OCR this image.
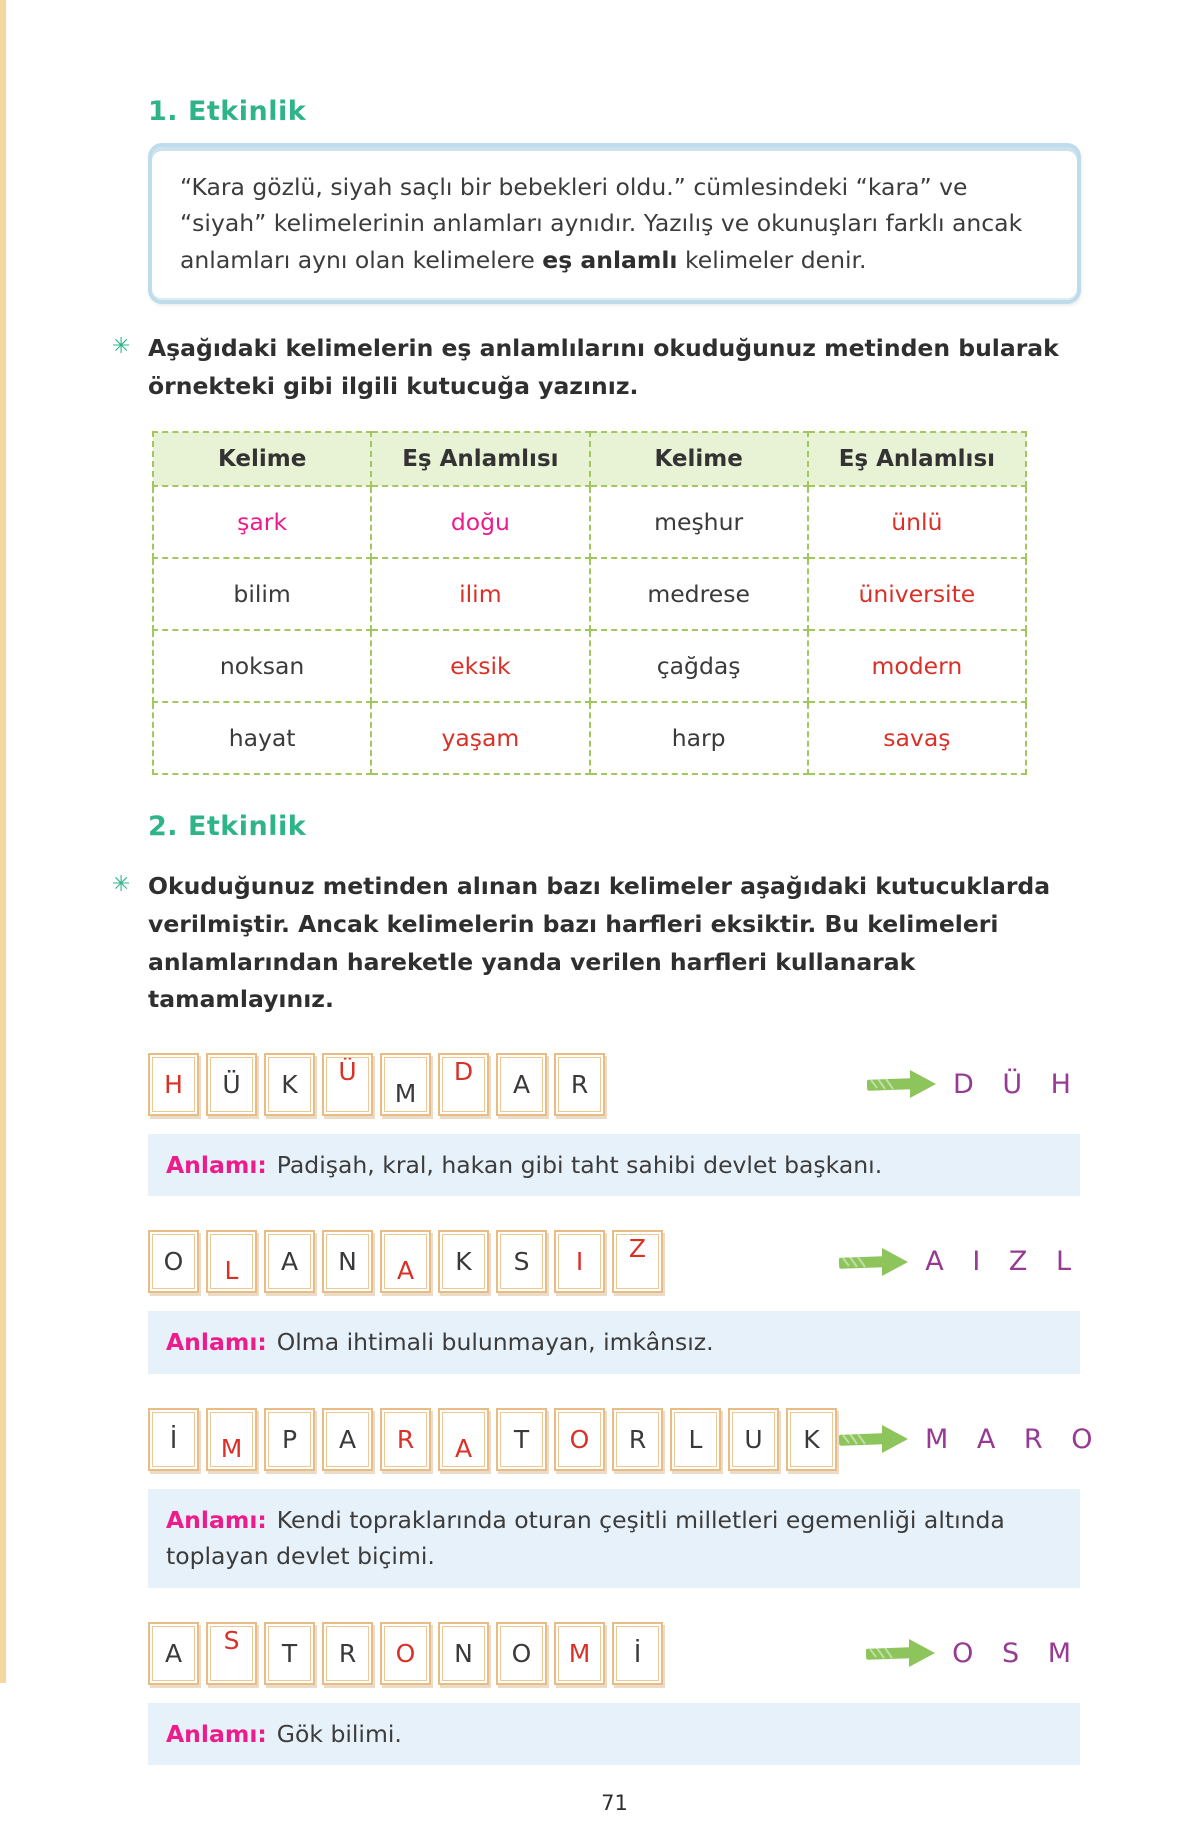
1. Etkinlik

“Kara gözlü, siyah saçlı bir bebekleri oldu.” cümlesindeki “kara” ve “siyah” kelimelerinin anlamları aynıdır. Yazılış ve okunuşları farklı ancak anlamları aynı olan kelimelere eş anlamlı kelimeler denir.

✳ Aşağıdaki kelimelerin eş anlamlılarını okuduğunuz metinden bularak örnekteki gibi ilgili kutucuğa yazınız.

Kelime	Eş Anlamlısı	Kelime	Eş Anlamlısı
şark	doğu	meşhur	ünlü
bilim	ilim	medrese	üniversite
noksan	eksik	çağdaş	modern
hayat	yaşam	harp	savaş
2. Etkinlik
✳ Okuduğunuz metinden alınan bazı kelimeler aşağıdaki kutucuklarda verilmiştir. Ancak kelimelerin bazı harfleri eksiktir. Bu kelimeleri anlamlarından hareketle yanda verilen harfleri kullanarak tamamlayınız.

H Ü K Ü
M
D A R	D Ü H
Anlamı: Padişah, kral, hakan gibi taht sahibi devlet başkanı.
O L A N A K S I Z	A I Z L
Anlamı: Olma ihtimali bulunmayan, imkânsız.
İ M P A R A T O R L U K	M A R O
Anlamı: Kendi topraklarında oturan çeşitli milletleri egemenliği altında toplayan devlet biçimi.
A S T R O N O M İ	O S M
Anlamı: Gök bilimi.
71
